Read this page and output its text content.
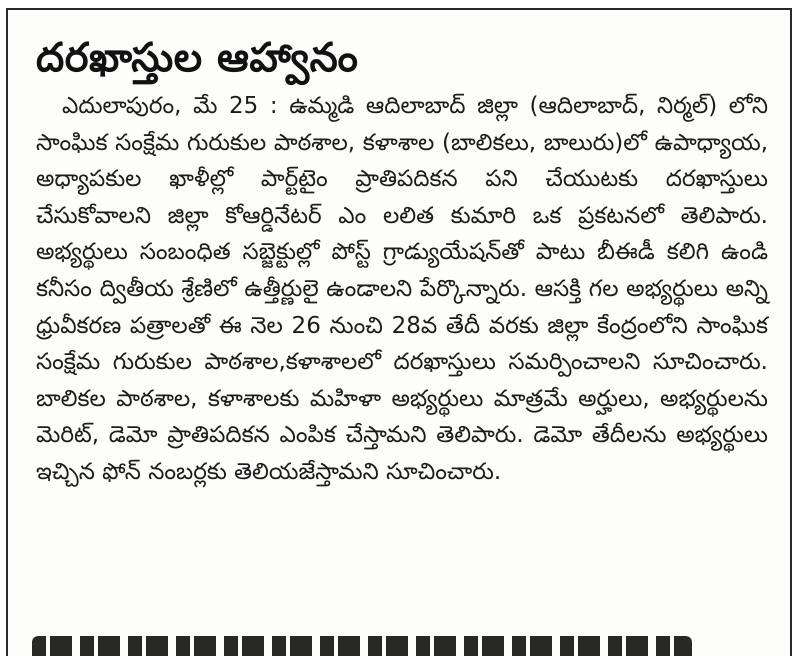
దరఖాస్తుల ఆహ్వానం
ఎదులాపురం, మే 25 : ఉమ్మడి ఆదిలాబాద్ జిల్లా (ఆదిలాబాద్, నిర్మల్) లోని సాంఘిక సంక్షేమ గురుకుల పాఠశాల, కళాశాల (బాలికలు, బాలురు)లో ఉపాధ్యాయ, అధ్యాపకుల ఖాళీల్లో పార్ట్‌టైం ప్రాతిపదికన పని చేయుటకు దరఖాస్తులు చేసుకోవాలని జిల్లా కోఆర్డినేటర్ ఎం లలిత కుమారి ఒక ప్రకటనలో తెలిపారు. అభ్యర్థులు సంబంధిత సబ్జెక్టుల్లో పోస్ట్ గ్రాడ్యుయేషన్‌తో పాటు బీఈడీ కలిగి ఉండి కనీసం ద్వితీయ శ్రేణిలో ఉత్తీర్ణులై ఉండాలని పేర్కొన్నారు. ఆసక్తి గల అభ్యర్థులు అన్ని ధ్రువీకరణ పత్రాలతో ఈ నెల 26 నుంచి 28వ తేదీ వరకు జిల్లా కేంద్రంలోని సాంఘిక సంక్షేమ గురుకుల పాఠశాల,కళాశాలలో దరఖాస్తులు సమర్పించాలని సూచించారు. బాలికల పాఠశాల, కళాశాలకు మహిళా అభ్యర్థులు మాత్రమే అర్హులు, అభ్యర్థులను మెరిట్, డెమో ప్రాతిపదికన ఎంపిక చేస్తామని తెలిపారు. డెమో తేదీలను అభ్యర్థులు ఇచ్చిన ఫోన్ నంబర్లకు తెలియజేస్తామని సూచించారు.
